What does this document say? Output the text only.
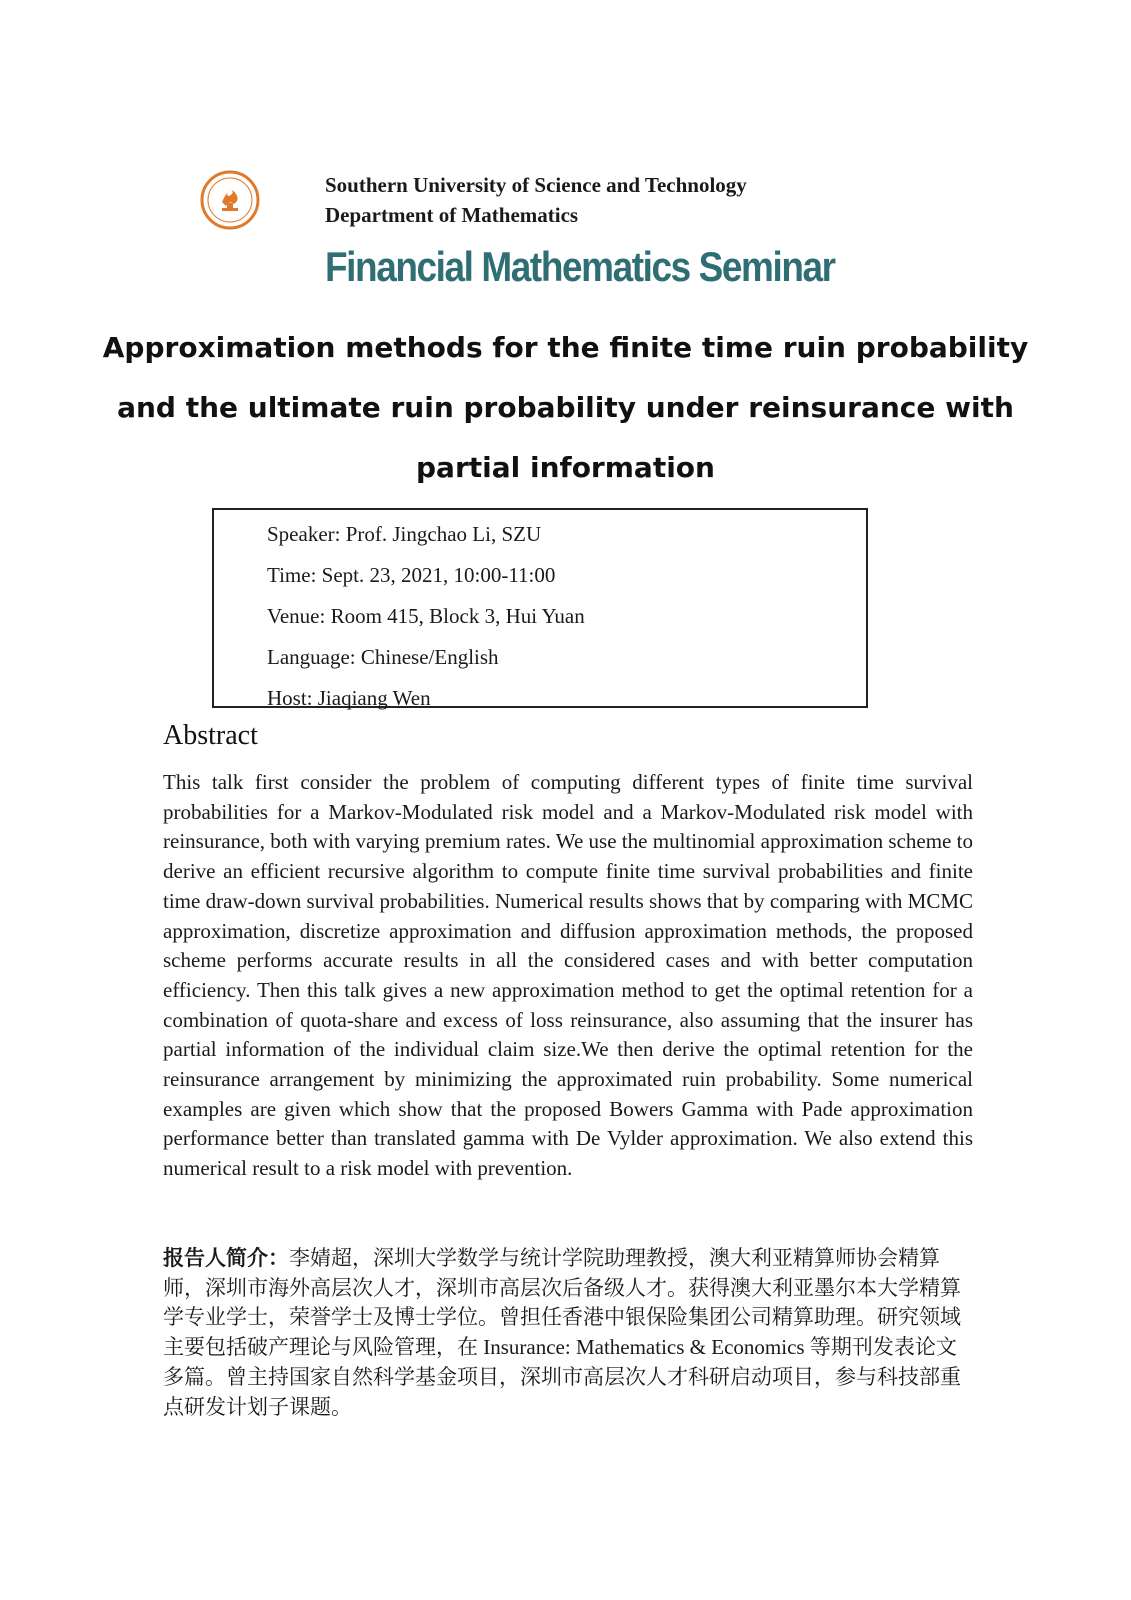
Southern University of Science and Technology
Department of Mathematics
Financial Mathematics Seminar
Approximation methods for the finite time ruin probability
and the ultimate ruin probability under reinsurance with
partial information
Speaker: Prof. Jingchao Li, SZU
Time: Sept. 23, 2021, 10:00-11:00
Venue: Room 415, Block 3, Hui Yuan
Language: Chinese/English
Host: Jiaqiang Wen
Abstract
This talk first consider the problem of computing different types of finite time survival probabilities for a Markov-Modulated risk model and a Markov-Modulated risk model with reinsurance, both with varying premium rates. We use the multinomial approximation scheme to derive an efficient recursive algorithm to compute finite time survival probabilities and finite time draw-down survival probabilities. Numerical results shows that by comparing with MCMC approximation, discretize approximation and diffusion approximation methods, the proposed scheme performs accurate results in all the considered cases and with better computation efficiency. Then this talk gives a new approximation method to get the optimal retention for a combination of quota-share and excess of loss reinsurance, also assuming that the insurer has partial information of the individual claim size.We then derive the optimal retention for the reinsurance arrangement by minimizing the approximated ruin probability. Some numerical examples are given which show that the proposed Bowers Gamma with Pade approximation performance better than translated gamma with De Vylder approximation. We also extend this numerical result to a risk model with prevention.
报告人简介：李婧超，深圳大学数学与统计学院助理教授，澳大利亚精算师协会精算师，深圳市海外高层次人才，深圳市高层次后备级人才。获得澳大利亚墨尔本大学精算学专业学士，荣誉学士及博士学位。曾担任香港中银保险集团公司精算助理。研究领域主要包括破产理论与风险管理，在 Insurance: Mathematics & Economics 等期刊发表论文多篇。曾主持国家自然科学基金项目，深圳市高层次人才科研启动项目，参与科技部重点研发计划子课题。
